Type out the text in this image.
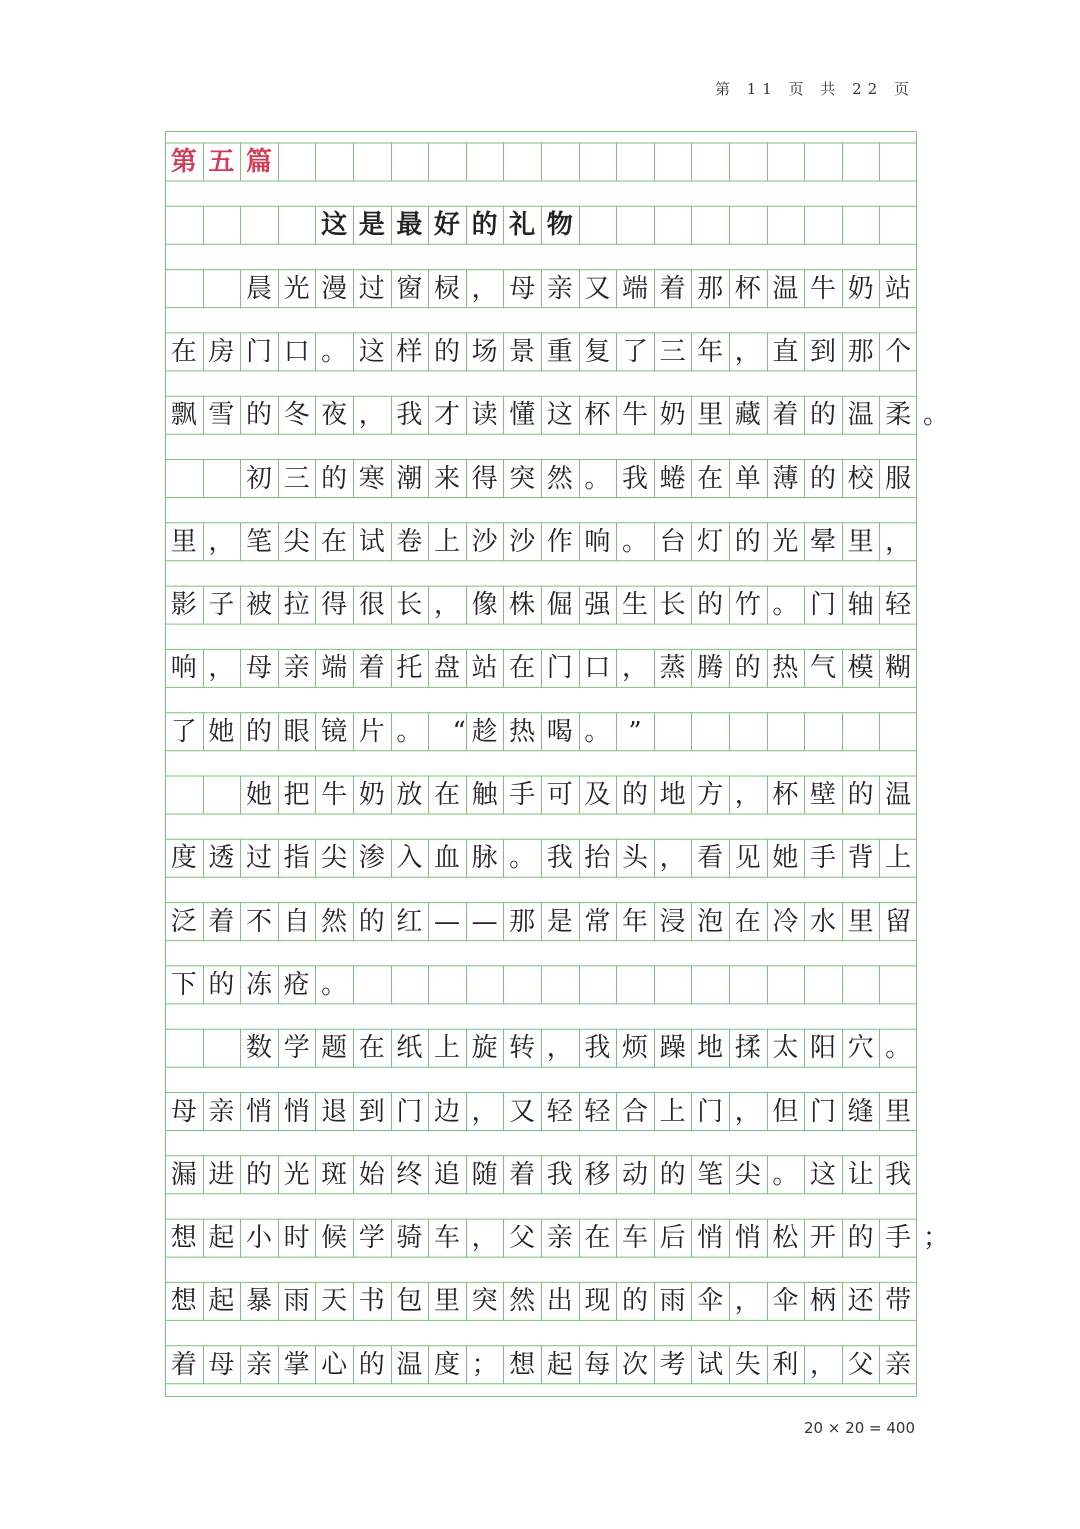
第 11 页 共 22 页
第 五 篇
这 是 最 好 的 礼 物
晨 光 漫 过 窗 棂 ， 母 亲 又 端 着 那 杯 温 牛 奶 站
在 房 门 口 。 这 样 的 场 景 重 复 了 三 年 ， 直 到 那 个
飘 雪 的 冬 夜 ， 我 才 读 懂 这 杯 牛 奶 里 藏 着 的 温 柔 。
初 三 的 寒 潮 来 得 突 然 。 我 蜷 在 单 薄 的 校 服
里 ， 笔 尖 在 试 卷 上 沙 沙 作 响 。 台 灯 的 光 晕 里 ，
影 子 被 拉 得 很 长 ， 像 株 倔 强 生 长 的 竹 。 门 轴 轻
响 ， 母 亲 端 着 托 盘 站 在 门 口 ， 蒸 腾 的 热 气 模 糊
了 她 的 眼 镜 片 。	“ 趁 热 喝 。 ”
她 把 牛 奶 放 在 触 手 可 及 的 地 方 ， 杯 壁 的 温
度 透 过 指 尖 渗 入 血 脉 。 我 抬 头 ， 看 见 她 手 背 上
泛 着 不 自 然 的 红 — — 那 是 常 年 浸 泡 在 冷 水 里 留
下 的 冻 疮 。
数 学 题 在 纸 上 旋 转 ， 我 烦 躁 地 揉 太 阳 穴 。
母 亲 悄 悄 退 到 门 边 ， 又 轻 轻 合 上 门 ， 但 门 缝 里
漏 进 的 光 斑 始 终 追 随 着 我 移 动 的 笔 尖 。 这 让 我
想 起 小 时 候 学 骑 车 ， 父 亲 在 车 后 悄 悄 松 开 的 手 ；
想 起 暴 雨 天 书 包 里 突 然 出 现 的 雨 伞 ， 伞 柄 还 带
着 母 亲 掌 心 的 温 度 ； 想 起 每 次 考 试 失 利 ， 父 亲
20 × 20 = 400
